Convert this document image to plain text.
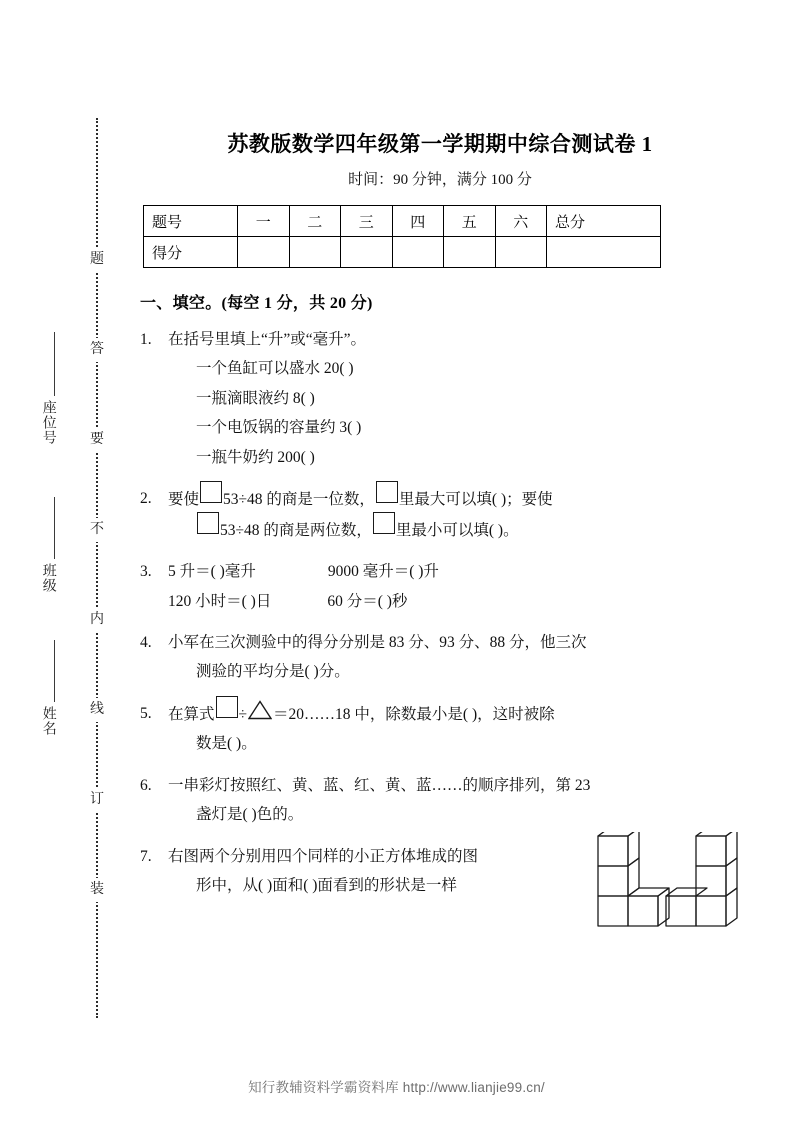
题
答
要
不
内
线
订
装
座位号
班级
姓名
苏教版数学四年级第一学期期中综合测试卷 1
时间：90 分钟，满分 100 分
题号	一	二	三	四	五	六	总分
得分							
一、填空。(每空 1 分，共 20 分)
1.	在括号里填上“升”或“毫升”。
一个鱼缸可以盛水 20( )
一瓶滴眼液约 8( )
一个电饭锅的容量约 3( )
一瓶牛奶约 200( )
2.	要使 53÷48 的商是一位数， 里最大可以填( )；要使
53÷48 的商是两位数， 里最小可以填( )。
3.	5 升＝( )毫升	9000 毫升＝( )升
120 小时＝( )日	60 分＝( )秒
4.	小军在三次测验中的得分分别是 83 分、93 分、88 分，他三次
测验的平均分是( )分。
5.	在算式 ÷ ＝20……18 中，除数最小是( )，这时被除
数是( )。
6.	一串彩灯按照红、黄、蓝、红、黄、蓝……的顺序排列，第 23
盏灯是( )色的。
7.	右图两个分别用四个同样的小正方体堆成的图
形中，从( )面和( )面看到的形状是一样
知行教辅资料学霸资料库 http://www.lianjie99.cn/
